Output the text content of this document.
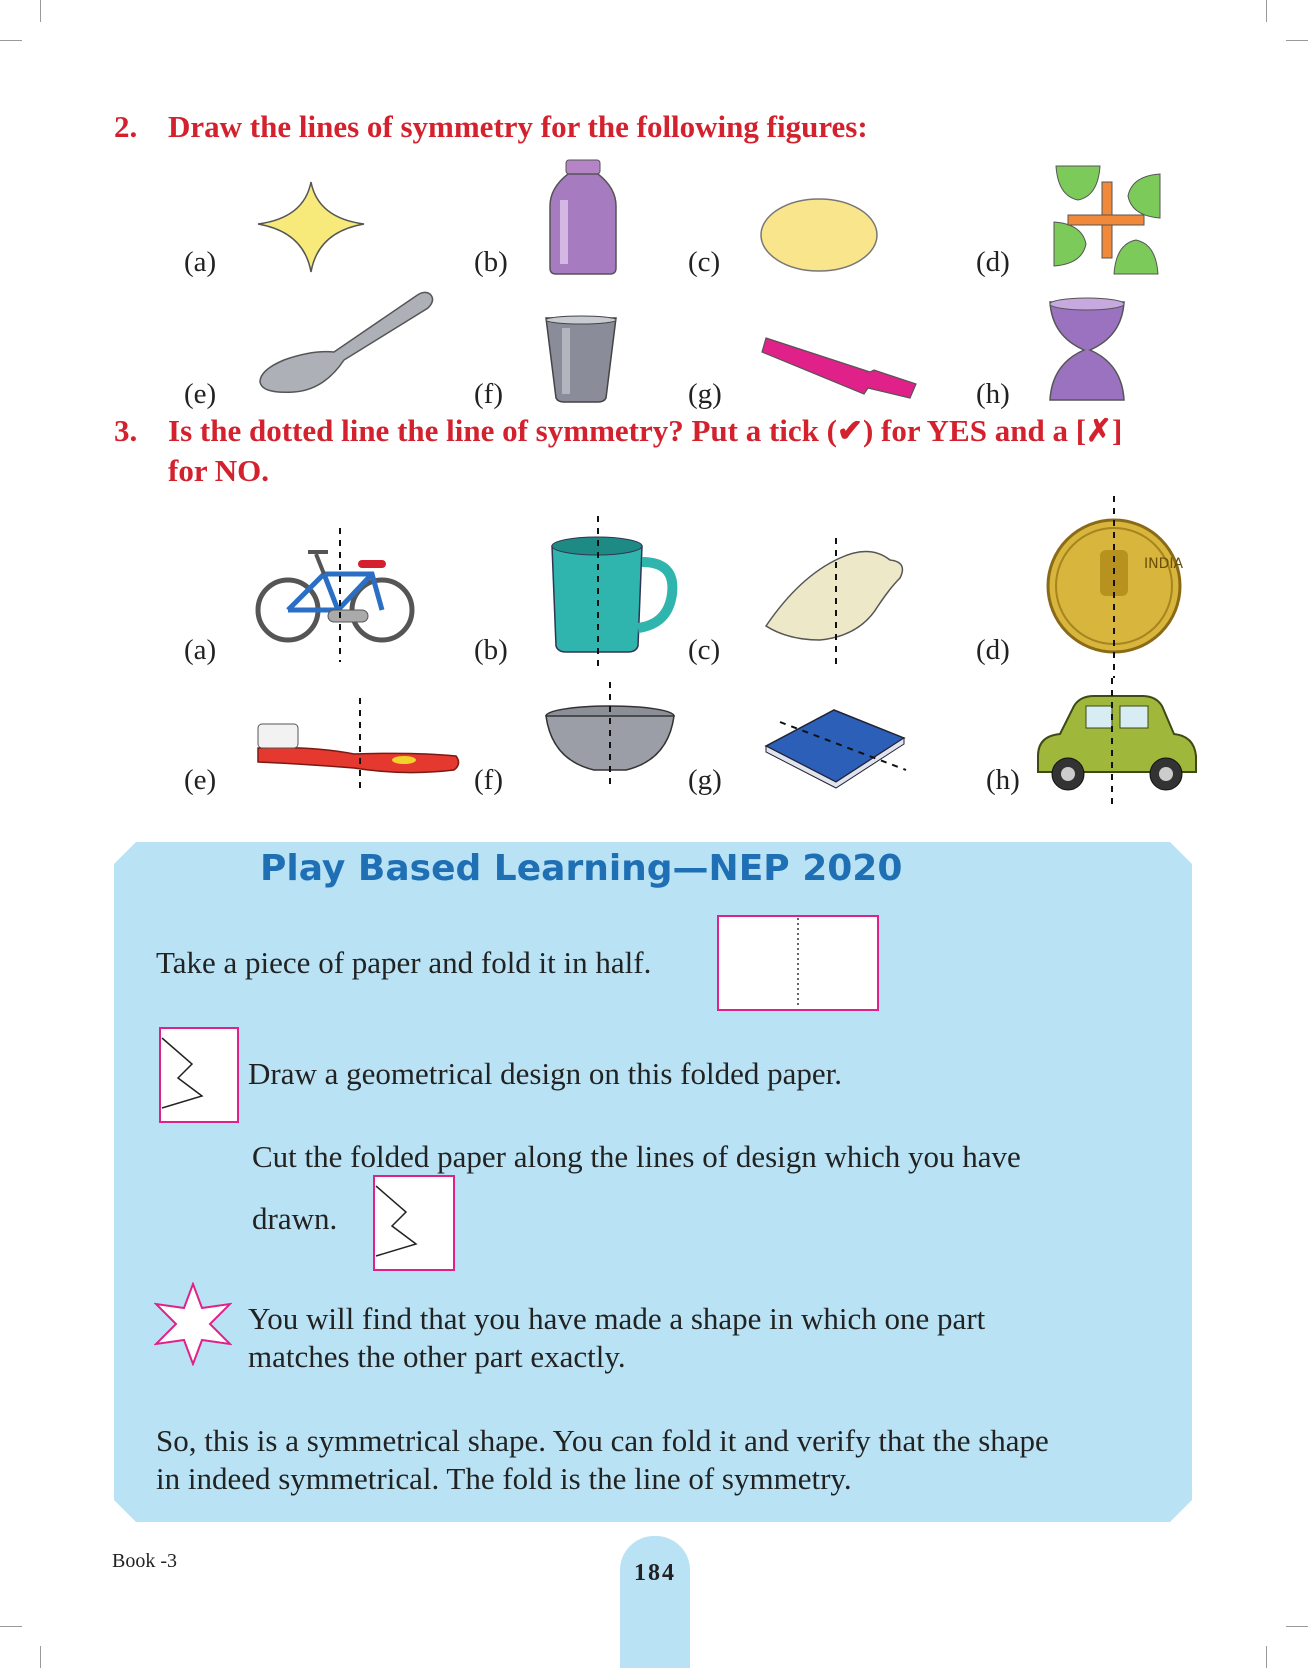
2. Draw the lines of symmetry for the following figures:
(a)	(b)	(c)	(d)
(e)	(f)	(g)	(h)
3. Is the dotted line the line of symmetry? Put a tick (✔) for YES and a [✗]
for NO.
(a)	(b)	(c)	(d)
(e)	(f)	(g)	(h)
INDIA
Play Based Learning—NEP 2020
Take a piece of paper and fold it in half.
Draw a geometrical design on this folded paper.
Cut the folded paper along the lines of design which you have
drawn.
You will find that you have made a shape in which one part
matches the other part exactly.
So, this is a symmetrical shape. You can fold it and verify that the shape
in indeed symmetrical. The fold is the line of symmetry.
Book -3	184
